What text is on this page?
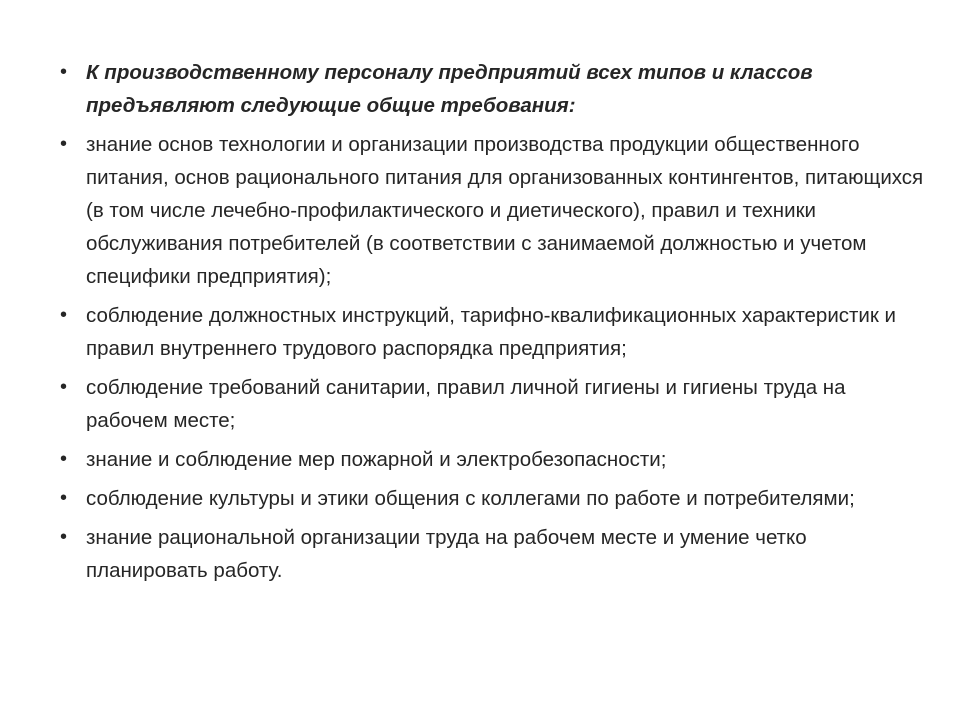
• К производственному персоналу предприятий всех типов и классов предъявляют следующие общие требования:
• знание основ технологии и организации производства продукции общественного питания, основ рационального питания для организованных контингентов, питающихся (в том числе лечебно-профилактического и диетического), правил и техники обслуживания потребителей (в соответствии с занимаемой должностью и учетом специфики предприятия);
• соблюдение должностных инструкций, тарифно-квалификационных характеристик и правил внутреннего трудового распорядка предприятия;
• соблюдение требований санитарии, правил личной гигиены и гигиены труда на рабочем месте;
• знание и соблюдение мер пожарной и электробезопасности;
• соблюдение культуры и этики общения с коллегами по работе и потребителями;
• знание рациональной организации труда на рабочем месте и умение четко планировать работу.
